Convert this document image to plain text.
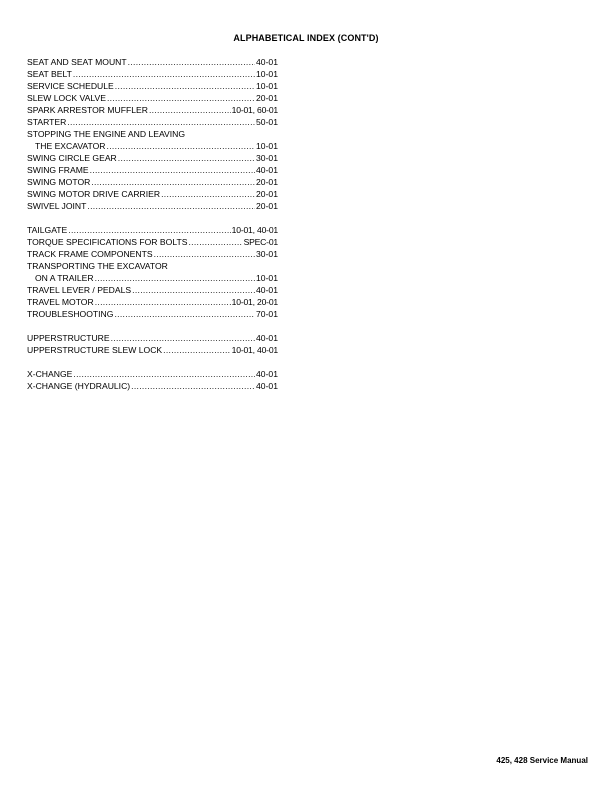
ALPHABETICAL INDEX (CONT'D)
SEAT AND SEAT MOUNT .....	40-01
SEAT BELT .....	10-01
SERVICE SCHEDULE .....	10-01
SLEW LOCK VALVE .....	20-01
SPARK ARRESTOR MUFFLER .....	10-01, 60-01
STARTER .....	50-01
STOPPING THE ENGINE AND LEAVING
THE EXCAVATOR .....	10-01
SWING CIRCLE GEAR .....	30-01
SWING FRAME .....	40-01
SWING MOTOR .....	20-01
SWING MOTOR DRIVE CARRIER .....	20-01
SWIVEL JOINT .....	20-01
TAILGATE .....	10-01, 40-01
TORQUE SPECIFICATIONS FOR BOLTS .....	SPEC-01
TRACK FRAME COMPONENTS .....	30-01
TRANSPORTING THE EXCAVATOR
ON A TRAILER .....	10-01
TRAVEL LEVER / PEDALS .....	40-01
TRAVEL MOTOR .....	10-01, 20-01
TROUBLESHOOTING .....	70-01
UPPERSTRUCTURE .....	40-01
UPPERSTRUCTURE SLEW LOCK .....	10-01, 40-01
X-CHANGE .....	40-01
X-CHANGE (HYDRAULIC) .....	40-01
425, 428 Service Manual
